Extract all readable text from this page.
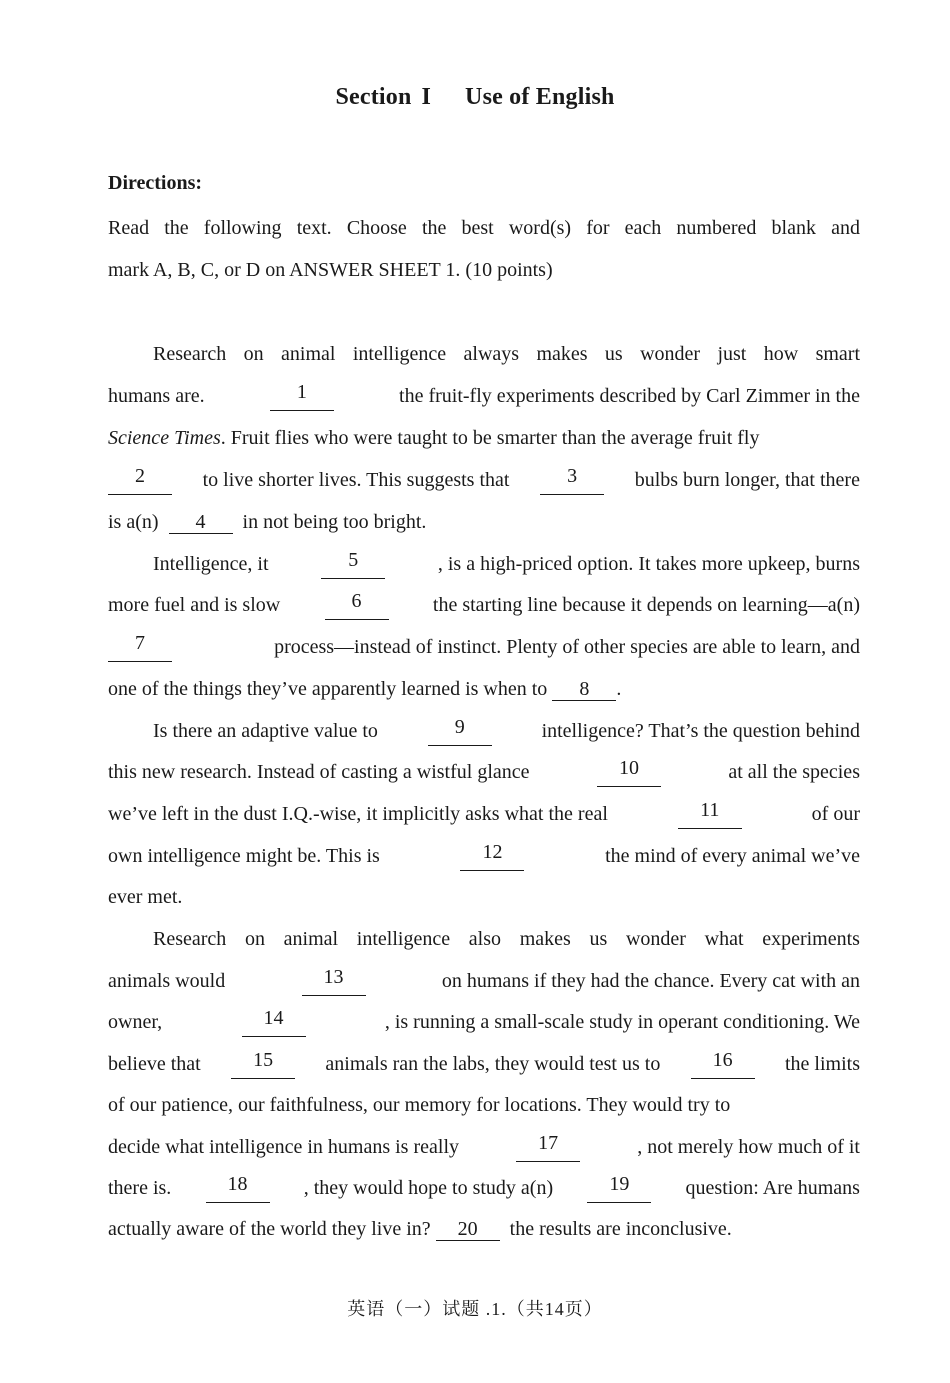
Section I Use of English
Directions:
Read the following text. Choose the best word(s) for each numbered blank and
mark A, B, C, or D on ANSWER SHEET 1. (10 points)
Research on animal intelligence always makes us wonder just how smart
humans are.	1	the fruit-fly experiments described by Carl Zimmer in the
Science Times. Fruit flies who were taught to be smarter than the average fruit fly
2	to live shorter lives. This suggests that	3	bulbs burn longer, that there
is a(n) 4 in not being too bright.
Intelligence, it	5	, is a high-priced option. It takes more upkeep, burns
more fuel and is slow	6	the starting line because it depends on learning—a(n)
7	process—instead of instinct. Plenty of other species are able to learn, and
one of the things they’ve apparently learned is when to 8 .
Is there an adaptive value to	9	intelligence? That’s the question behind
this new research. Instead of casting a wistful glance	10	at all the species
we’ve left in the dust I.Q.-wise, it implicitly asks what the real	11	of our
own intelligence might be. This is	12	the mind of every animal we’ve
ever met.
Research on animal intelligence also makes us wonder what experiments
animals would	13	on humans if they had the chance. Every cat with an
owner,	14	, is running a small-scale study in operant conditioning. We
believe that	15	animals ran the labs, they would test us to	16	the limits
of our patience, our faithfulness, our memory for locations. They would try to
decide what intelligence in humans is really	17	, not merely how much of it
there is.	18	, they would hope to study a(n)	19	question: Are humans
actually aware of the world they live in? 20 the results are inconclusive.
英语（一）试题 .1.（共14页）
